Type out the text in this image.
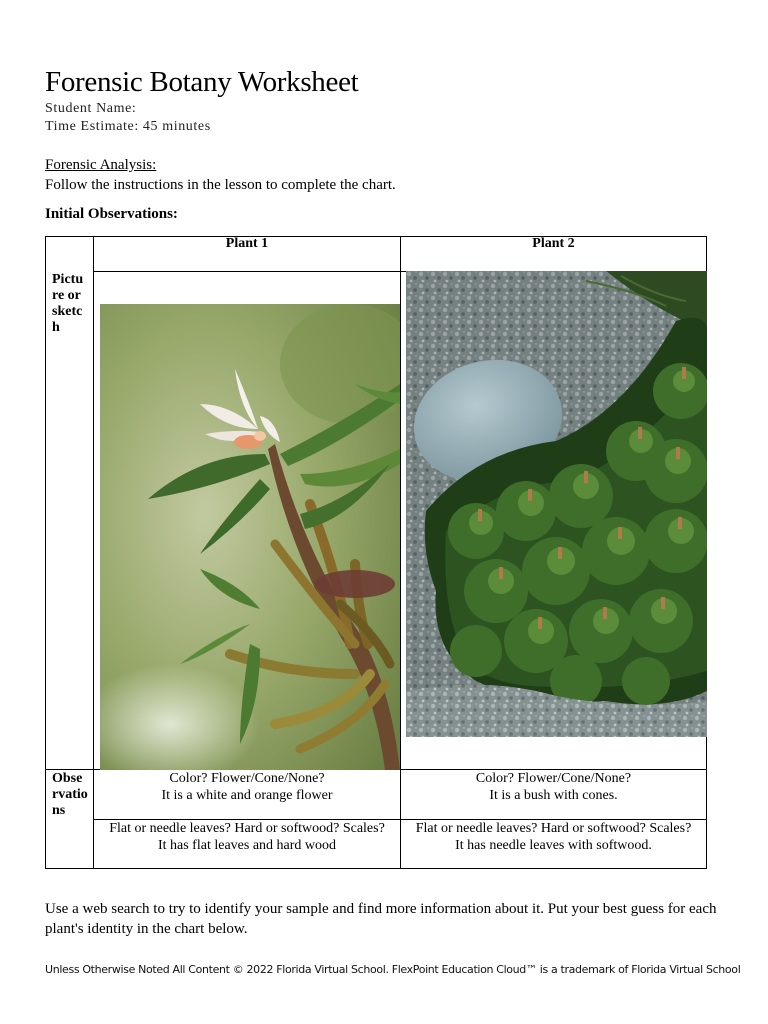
Forensic Botany Worksheet
Student Name:
Time Estimate: 45 minutes
Forensic Analysis:
Follow the instructions in the lesson to complete the chart.
Initial Observations:
Plant 1	Plant 2
Picture or sketch
Observations
Color? Flower/Cone/None?
It is a white and orange flower
Color? Flower/Cone/None?
It is a bush with cones.
Flat or needle leaves? Hard or softwood? Scales?
It has flat leaves and hard wood
Flat or needle leaves? Hard or softwood? Scales?
It has needle leaves with softwood.
Use a web search to try to identify your sample and find more information about it. Put your best guess for each plant's identity in the chart below.
Unless Otherwise Noted All Content © 2022 Florida Virtual School. FlexPoint Education Cloud™ is a trademark of Florida Virtual School
